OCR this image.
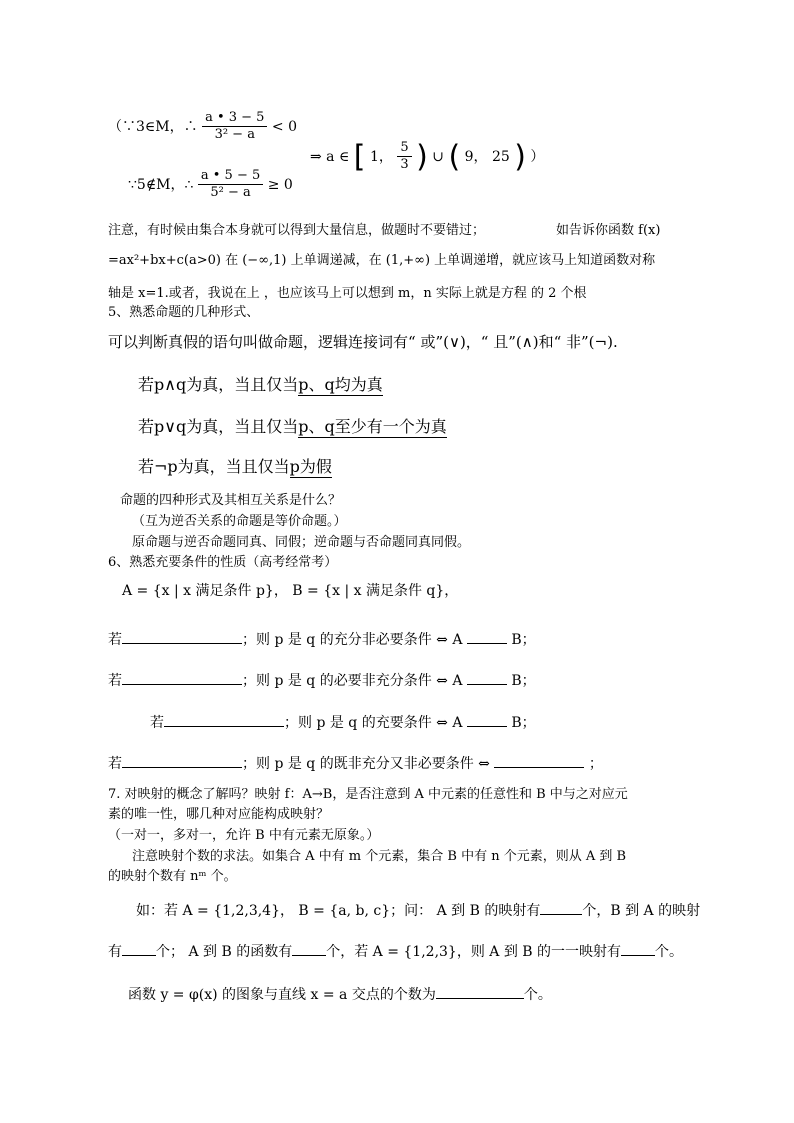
（∵3∈M，∴ $\frac{a • 3 - 5}{\text{3² − a}} < 0$
⇒ a ∈ [ 1， $\frac{5}{3}$ ) ∪ ( 9， 25 ) ）
∵5∉M，∴ $\frac{a • 5 - 5}{\text{5² − a}} \ge 0$
注意，有时候由集合本身就可以得到大量信息，做题时不要错过；	如告诉你函数 f(x)
=ax²+bx+c(a>0) 在 (−∞,1) 上单调递减，在 (1,+∞) 上单调递增，就应该马上知道函数对称
轴是 x=1.或者，我说在上 ，也应该马上可以想到 m，n 实际上就是方程 的 2 个根
5、熟悉命题的几种形式、
可以判断真假的语句叫做命题，逻辑连接词有“ 或”(∨)，“ 且”(∧)和“ 非”(¬).
若p∧q为真，当且仅当p、q均为真
若p∨q为真，当且仅当p、q至少有一个为真
若¬p为真，当且仅当p为假
命题的四种形式及其相互关系是什么？
（互为逆否关系的命题是等价命题。）
原命题与逆否命题同真、同假；逆命题与否命题同真同假。
6、熟悉充要条件的性质（高考经常考）
A = {x | x 满足条件 p}， B = {x | x 满足条件 q}，
若	；则 p 是 q 的充分非必要条件 ⇔ A	B；
若	；则 p 是 q 的必要非充分条件 ⇔ A	B；
若	；则 p 是 q 的充要条件 ⇔ A	B；
若	；则 p 是 q 的既非充分又非必要条件 ⇔	；
7. 对映射的概念了解吗？映射 f：A→B，是否注意到 A 中元素的任意性和 B 中与之对应元
素的唯一性，哪几种对应能构成映射？
（一对一，多对一，允许 B 中有元素无原象。）
注意映射个数的求法。如集合 A 中有 m 个元素，集合 B 中有 n 个元素，则从 A 到 B
的映射个数有 nᵐ 个。
如：若 A = {1,2,3,4}， B = {a, b, c}；问： A 到 B 的映射有	个，B 到 A 的映射
有 个； A 到 B 的函数有 个，若 A = {1,2,3}，则 A 到 B 的一一映射有 个。
函数 y = φ(x) 的图象与直线 x = a 交点的个数为	个。
